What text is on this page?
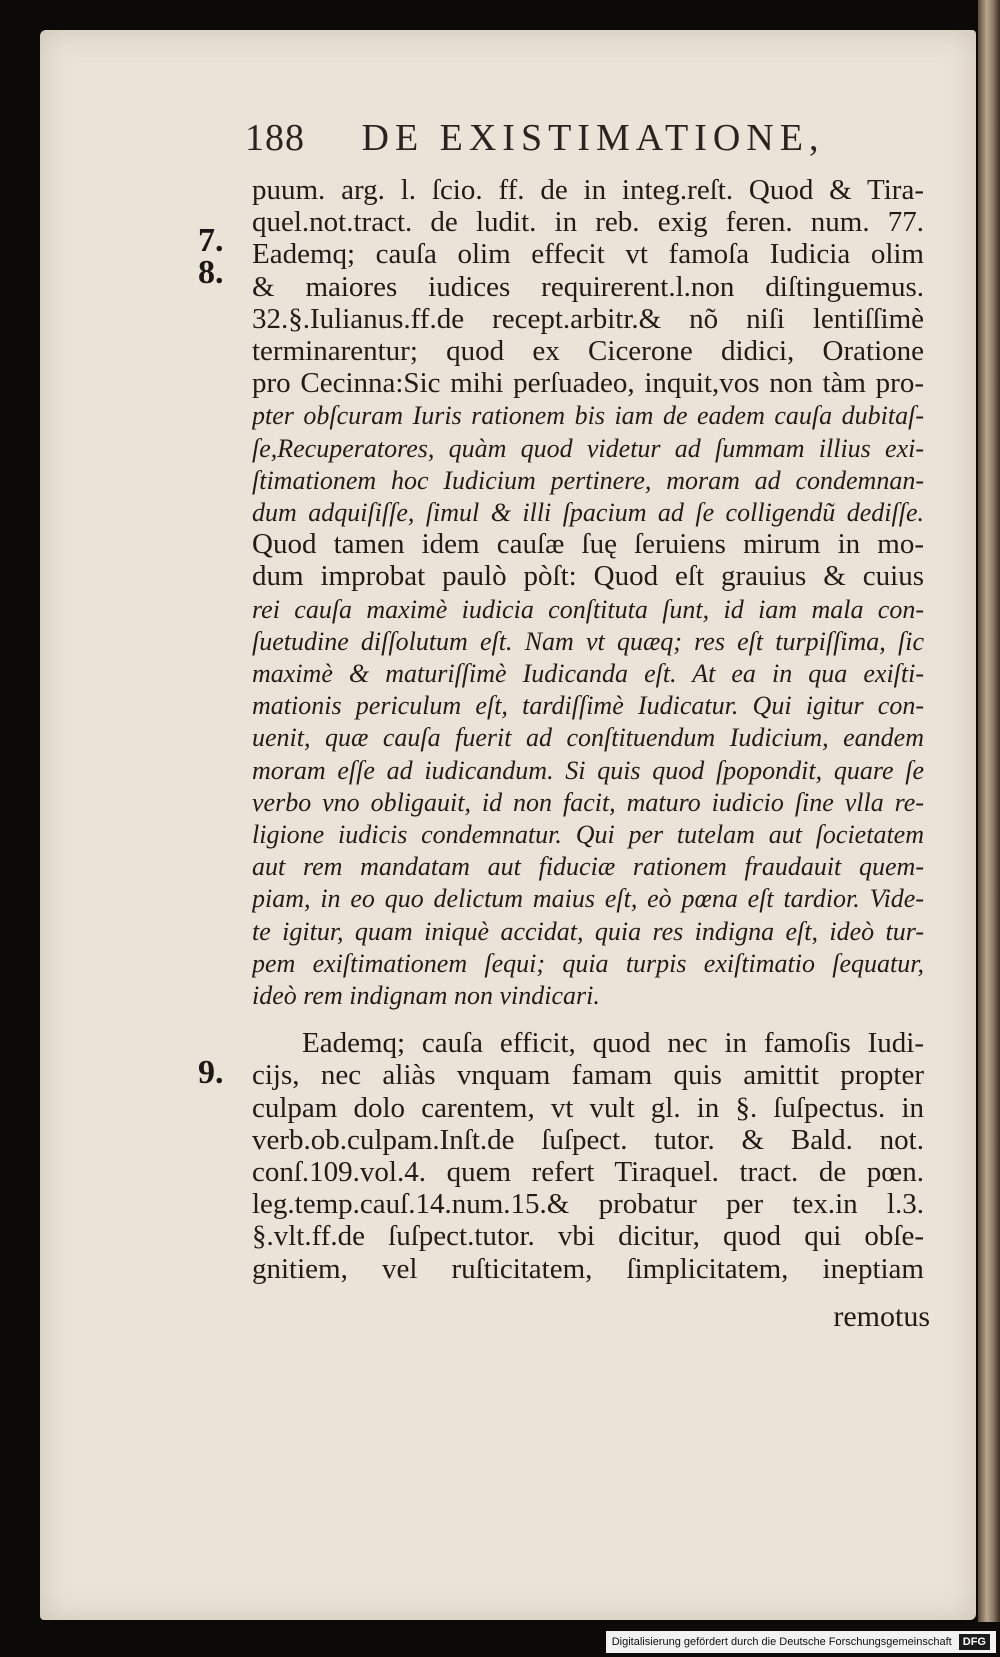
188 DE EXISTIMATIONE,
7.
8.
9.
puum. arg. l. ſcio. ff. de in integ.reſt. Quod & Tira-
quel.not.tract. de ludit. in reb. exig feren. num. 77.
Eademq; cauſa olim effecit vt famoſa Iudicia olim
& maiores iudices requirerent.l.non diſtinguemus.
32.§.Iulianus.ff.de recept.arbitr.& nõ niſi lentiſſimè
terminarentur; quod ex Cicerone didici, Oratione
pro Cecinna:Sic mihi perſuadeo, inquit,vos non tàm pro-
pter obſcuram Iuris rationem bis iam de eadem cauſa dubitaſ-
ſe,Recuperatores, quàm quod videtur ad ſummam illius exi-
ſtimationem hoc Iudicium pertinere, moram ad condemnan-
dum adquiſiſſe, ſimul & illi ſpacium ad ſe colligendũ dediſſe.
Quod tamen idem cauſæ ſuę ſeruiens mirum in mo-
dum improbat paulò pòſt: Quod eſt grauius & cuius
rei cauſa maximè iudicia conſtituta ſunt, id iam mala con-
ſuetudine diſſolutum eſt. Nam vt quæq; res eſt turpiſſima, ſic
maximè & maturiſſimè Iudicanda eſt. At ea in qua exiſti-
mationis periculum eſt, tardiſſimè Iudicatur. Qui igitur con-
uenit, quæ cauſa fuerit ad conſtituendum Iudicium, eandem
moram eſſe ad iudicandum. Si quis quod ſpopondit, quare ſe
verbo vno obligauit, id non facit, maturo iudicio ſine vlla re-
ligione iudicis condemnatur. Qui per tutelam aut ſocietatem
aut rem mandatam aut fiduciæ rationem fraudauit quem-
piam, in eo quo delictum maius eſt, eò pœna eſt tardior. Vide-
te igitur, quam iniquè accidat, quia res indigna eſt, ideò tur-
pem exiſtimationem ſequi; quia turpis exiſtimatio ſequatur,
ideò rem indignam non vindicari.
Eademq; cauſa efficit, quod nec in famoſis Iudi-
cijs, nec aliàs vnquam famam quis amittit propter
culpam dolo carentem, vt vult gl. in §. ſuſpectus. in
verb.ob.culpam.Inſt.de ſuſpect. tutor. & Bald. not.
conſ.109.vol.4. quem refert Tiraquel. tract. de pœn.
leg.temp.cauſ.14.num.15.& probatur per tex.in l.3.
§.vlt.ff.de ſuſpect.tutor. vbi dicitur, quod qui obſe-
gnitiem, vel ruſticitatem, ſimplicitatem, ineptiam
remotus
Digitalisierung gefördert durch die Deutsche Forschungsgemeinschaft DFG
